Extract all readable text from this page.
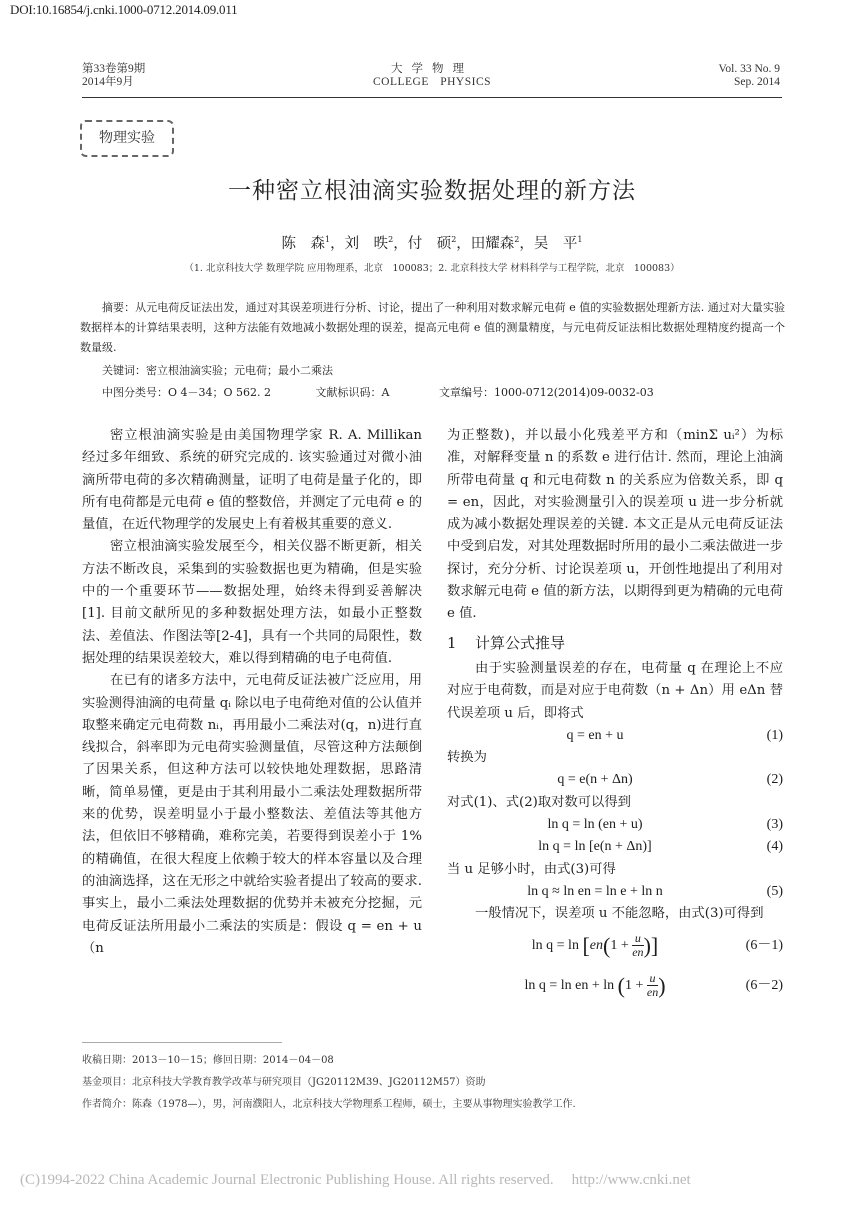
DOI:10.16854/j.cnki.1000-0712.2014.09.011
第33卷第9期
2014年9月
大学物理
COLLEGE PHYSICS
Vol. 33 No. 9
Sep. 2014
物理实验
一种密立根油滴实验数据处理的新方法
陈　森$^1$，刘　昳$^2$，付　硕$^2$，田耀森$^2$，吴　平$^1$
（1. 北京科技大学 数理学院 应用物理系，北京　100083；2. 北京科技大学 材料科学与工程学院，北京　100083）
摘要：从元电荷反证法出发，通过对其误差项进行分析、讨论，提出了一种利用对数求解元电荷 e 值的实验数据处理新方法. 通过对大量实验数据样本的计算结果表明，这种方法能有效地减小数据处理的误差，提高元电荷 e 值的测量精度，与元电荷反证法相比数据处理精度约提高一个数量级.
关键词：密立根油滴实验；元电荷；最小二乘法
中图分类号：O 4－34；O 562. 2	文献标识码：A	文章编号：1000-0712(2014)09-0032-03

密立根油滴实验是由美国物理学家 R. A. Millikan 经过多年细致、系统的研究完成的. 该实验通过对微小油滴所带电荷的多次精确测量，证明了电荷是量子化的，即所有电荷都是元电荷 e 值的整数倍，并测定了元电荷 e 的量值，在近代物理学的发展史上有着极其重要的意义.

密立根油滴实验发展至今，相关仪器不断更新，相关方法不断改良，采集到的实验数据也更为精确，但是实验中的一个重要环节——数据处理，始终未得到妥善解决[1]. 目前文献所见的多种数据处理方法，如最小正整数法、差值法、作图法等[2-4]，具有一个共同的局限性，数据处理的结果误差较大，难以得到精确的电子电荷值.

在已有的诸多方法中，元电荷反证法被广泛应用，用实验测得油滴的电荷量 qᵢ 除以电子电荷绝对值的公认值并取整来确定元电荷数 nᵢ，再用最小二乘法对(q，n)进行直线拟合，斜率即为元电荷实验测量值，尽管这种方法颠倒了因果关系，但这种方法可以较快地处理数据，思路清晰，简单易懂，更是由于其利用最小二乘法处理数据所带来的优势，误差明显小于最小整数法、差值法等其他方法，但依旧不够精确，难称完美，若要得到误差小于 1% 的精确值，在很大程度上依赖于较大的样本容量以及合理的油滴选择，这在无形之中就给实验者提出了较高的要求. 事实上，最小二乘法处理数据的优势并未被充分挖掘，元电荷反证法所用最小二乘法的实质是：假设 q = en + u（n

为正整数)，并以最小化残差平方和（minΣ uᵢ²）为标准，对解释变量 n 的系数 e 进行估计. 然而，理论上油滴所带电荷量 q 和元电荷数 n 的关系应为倍数关系，即 q = en，因此，对实验测量引入的误差项 u 进一步分析就成为减小数据处理误差的关键. 本文正是从元电荷反证法中受到启发，对其处理数据时所用的最小二乘法做进一步探讨，充分分析、讨论误差项 u，开创性地提出了利用对数求解元电荷 e 值的新方法，以期得到更为精确的元电荷 e 值.

1 计算公式推导

由于实验测量误差的存在，电荷量 q 在理论上不应对应于电荷数，而是对应于电荷数（n + Δn）用 eΔn 替代误差项 u 后，即将式

q = en + u	(1)

转换为

q = e(n + Δn)	(2)

对式(1)、式(2)取对数可以得到

ln q = ln (en + u)	(3)
ln q = ln [e(n + Δn)]	(4)

当 u 足够小时，由式(3)可得

ln q ≈ ln en = ln e + ln n	(5)

一般情况下，误差项 u 不能忽略，由式(3)可得到

$\ln q = \ln [en(1 + \frac{u}{en}$ )]	(6－1)
ln q = ln en + $\ln (1 + \frac{u}{en}$ )	(6－2)
收稿日期：2013－10－15；修回日期：2014－04－08
基金项目：北京科技大学教育教学改革与研究项目（JG20112M39、JG20112M57）资助
作者简介：陈森（1978—），男，河南濮阳人，北京科技大学物理系工程师，硕士，主要从事物理实验教学工作.
(C)1994-2022 China Academic Journal Electronic Publishing House. All rights reserved. http://www.cnki.net
